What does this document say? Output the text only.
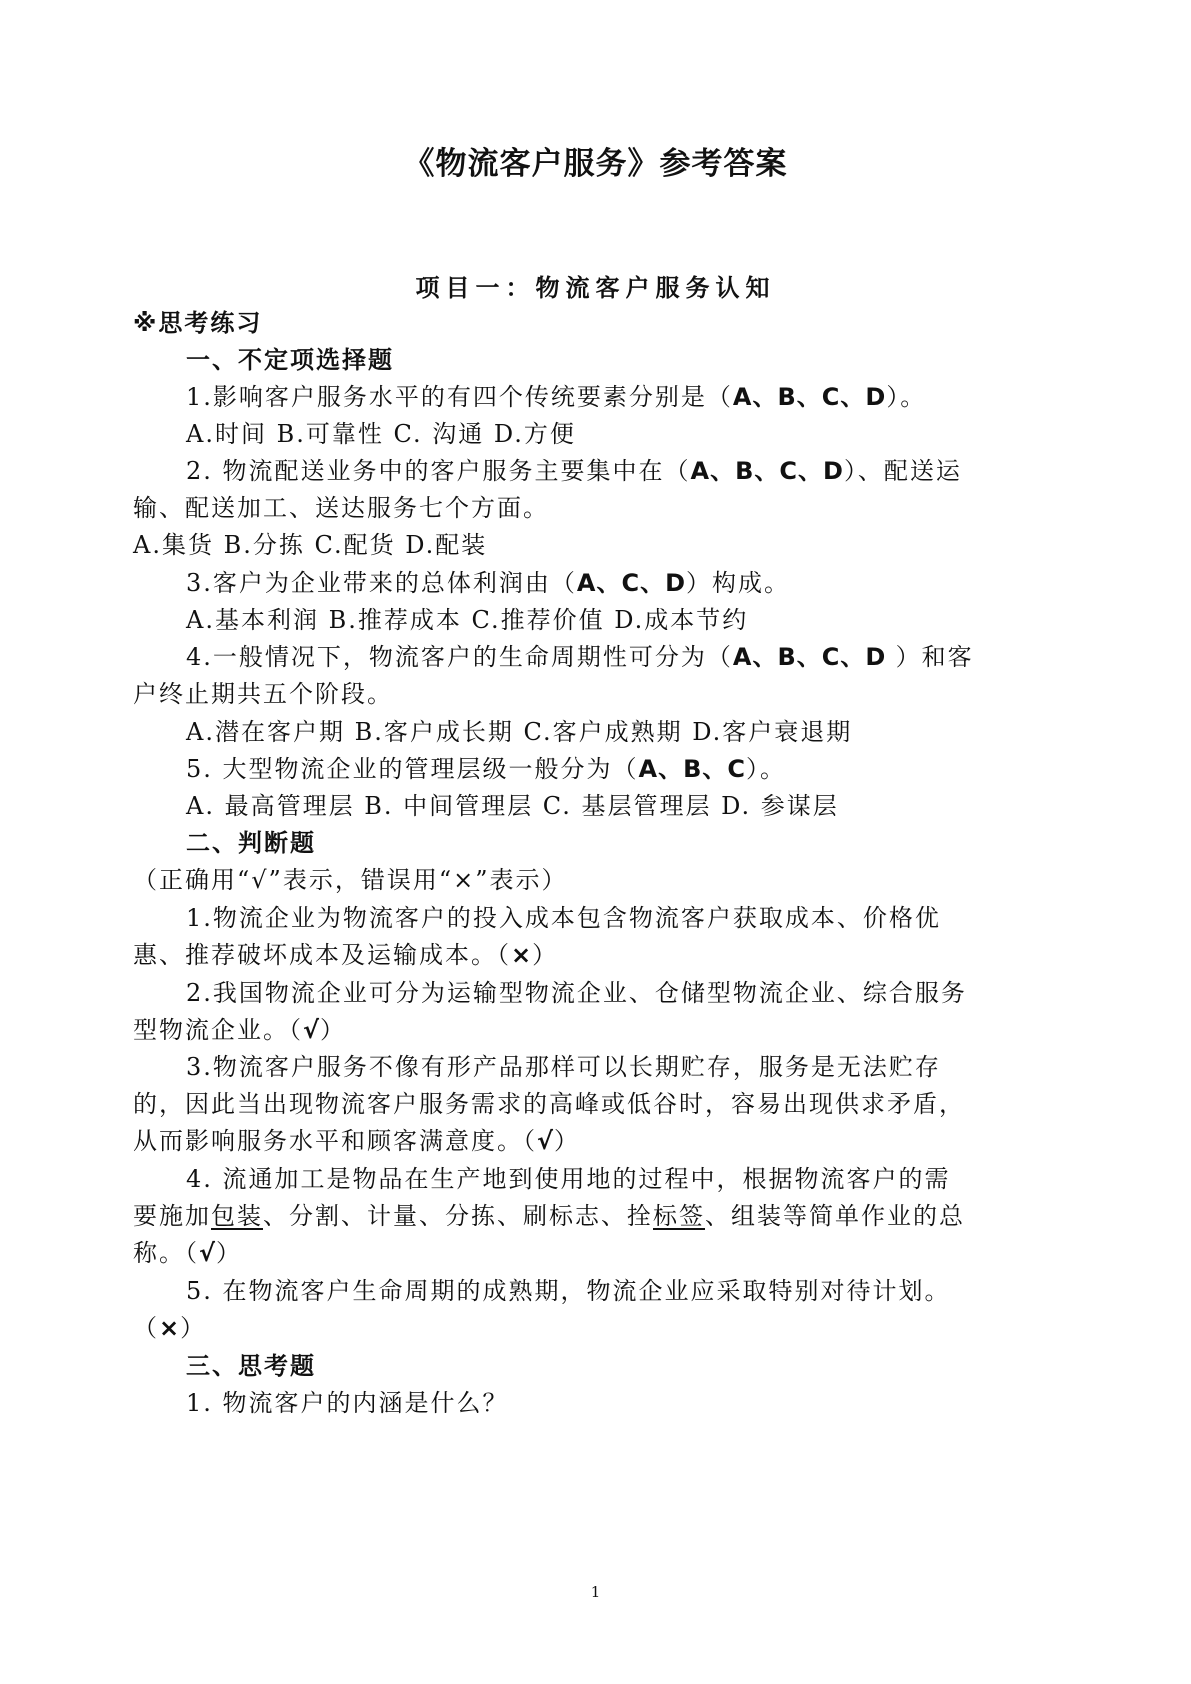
《物流客户服务》参考答案
项目一：物流客户服务认知
※思考练习
一、不定项选择题
1.影响客户服务水平的有四个传统要素分别是（A、B、C、D）。
A.时间 B.可靠性 C. 沟通 D.方便
2. 物流配送业务中的客户服务主要集中在（A、B、C、D）、配送运
输、配送加工、送达服务七个方面。
A.集货 B.分拣 C.配货 D.配装
3.客户为企业带来的总体利润由（A、C、D）构成。
A.基本利润 B.推荐成本 C.推荐价值 D.成本节约
4.一般情况下，物流客户的生命周期性可分为（A、B、C、D ）和客
户终止期共五个阶段。
A.潜在客户期 B.客户成长期 C.客户成熟期 D.客户衰退期
5. 大型物流企业的管理层级一般分为（A、B、C）。
A. 最高管理层 B. 中间管理层 C. 基层管理层 D. 参谋层
二、判断题
（正确用“√”表示，错误用“×”表示）
1.物流企业为物流客户的投入成本包含物流客户获取成本、价格优
惠、推荐破坏成本及运输成本。（×）
2.我国物流企业可分为运输型物流企业、仓储型物流企业、综合服务
型物流企业。（√）
3.物流客户服务不像有形产品那样可以长期贮存，服务是无法贮存
的，因此当出现物流客户服务需求的高峰或低谷时，容易出现供求矛盾，
从而影响服务水平和顾客满意度。（√）
4. 流通加工是物品在生产地到使用地的过程中，根据物流客户的需
要施加包装、分割、计量、分拣、刷标志、拴标签、组装等简单作业的总
称。（√）
5. 在物流客户生命周期的成熟期，物流企业应采取特别对待计划。
（×）
三、思考题
1. 物流客户的内涵是什么？
1
